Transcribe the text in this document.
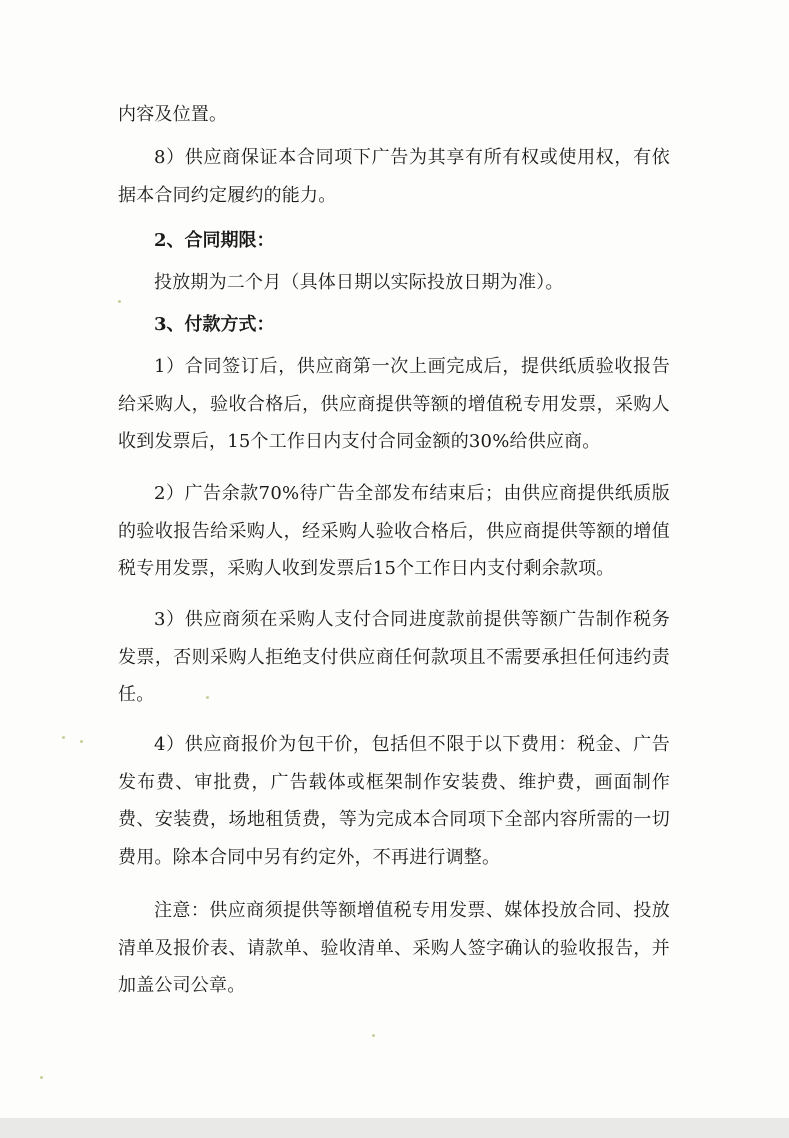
内容及位置。

8）供应商保证本合同项下广告为其享有所有权或使用权，有依据本合同约定履约的能力。

2、合同期限：

投放期为二个月（具体日期以实际投放日期为准）。

3、付款方式：

1）合同签订后，供应商第一次上画完成后，提供纸质验收报告给采购人，验收合格后，供应商提供等额的增值税专用发票，采购人收到发票后，15个工作日内支付合同金额的30%给供应商。

2）广告余款70%待广告全部发布结束后；由供应商提供纸质版的验收报告给采购人，经采购人验收合格后，供应商提供等额的增值税专用发票，采购人收到发票后15个工作日内支付剩余款项。

3）供应商须在采购人支付合同进度款前提供等额广告制作税务发票，否则采购人拒绝支付供应商任何款项且不需要承担任何违约责任。

4）供应商报价为包干价，包括但不限于以下费用：税金、广告发布费、审批费，广告载体或框架制作安装费、维护费，画面制作费、安装费，场地租赁费，等为完成本合同项下全部内容所需的一切费用。除本合同中另有约定外，不再进行调整。

注意：供应商须提供等额增值税专用发票、媒体投放合同、投放清单及报价表、请款单、验收清单、采购人签字确认的验收报告，并加盖公司公章。
